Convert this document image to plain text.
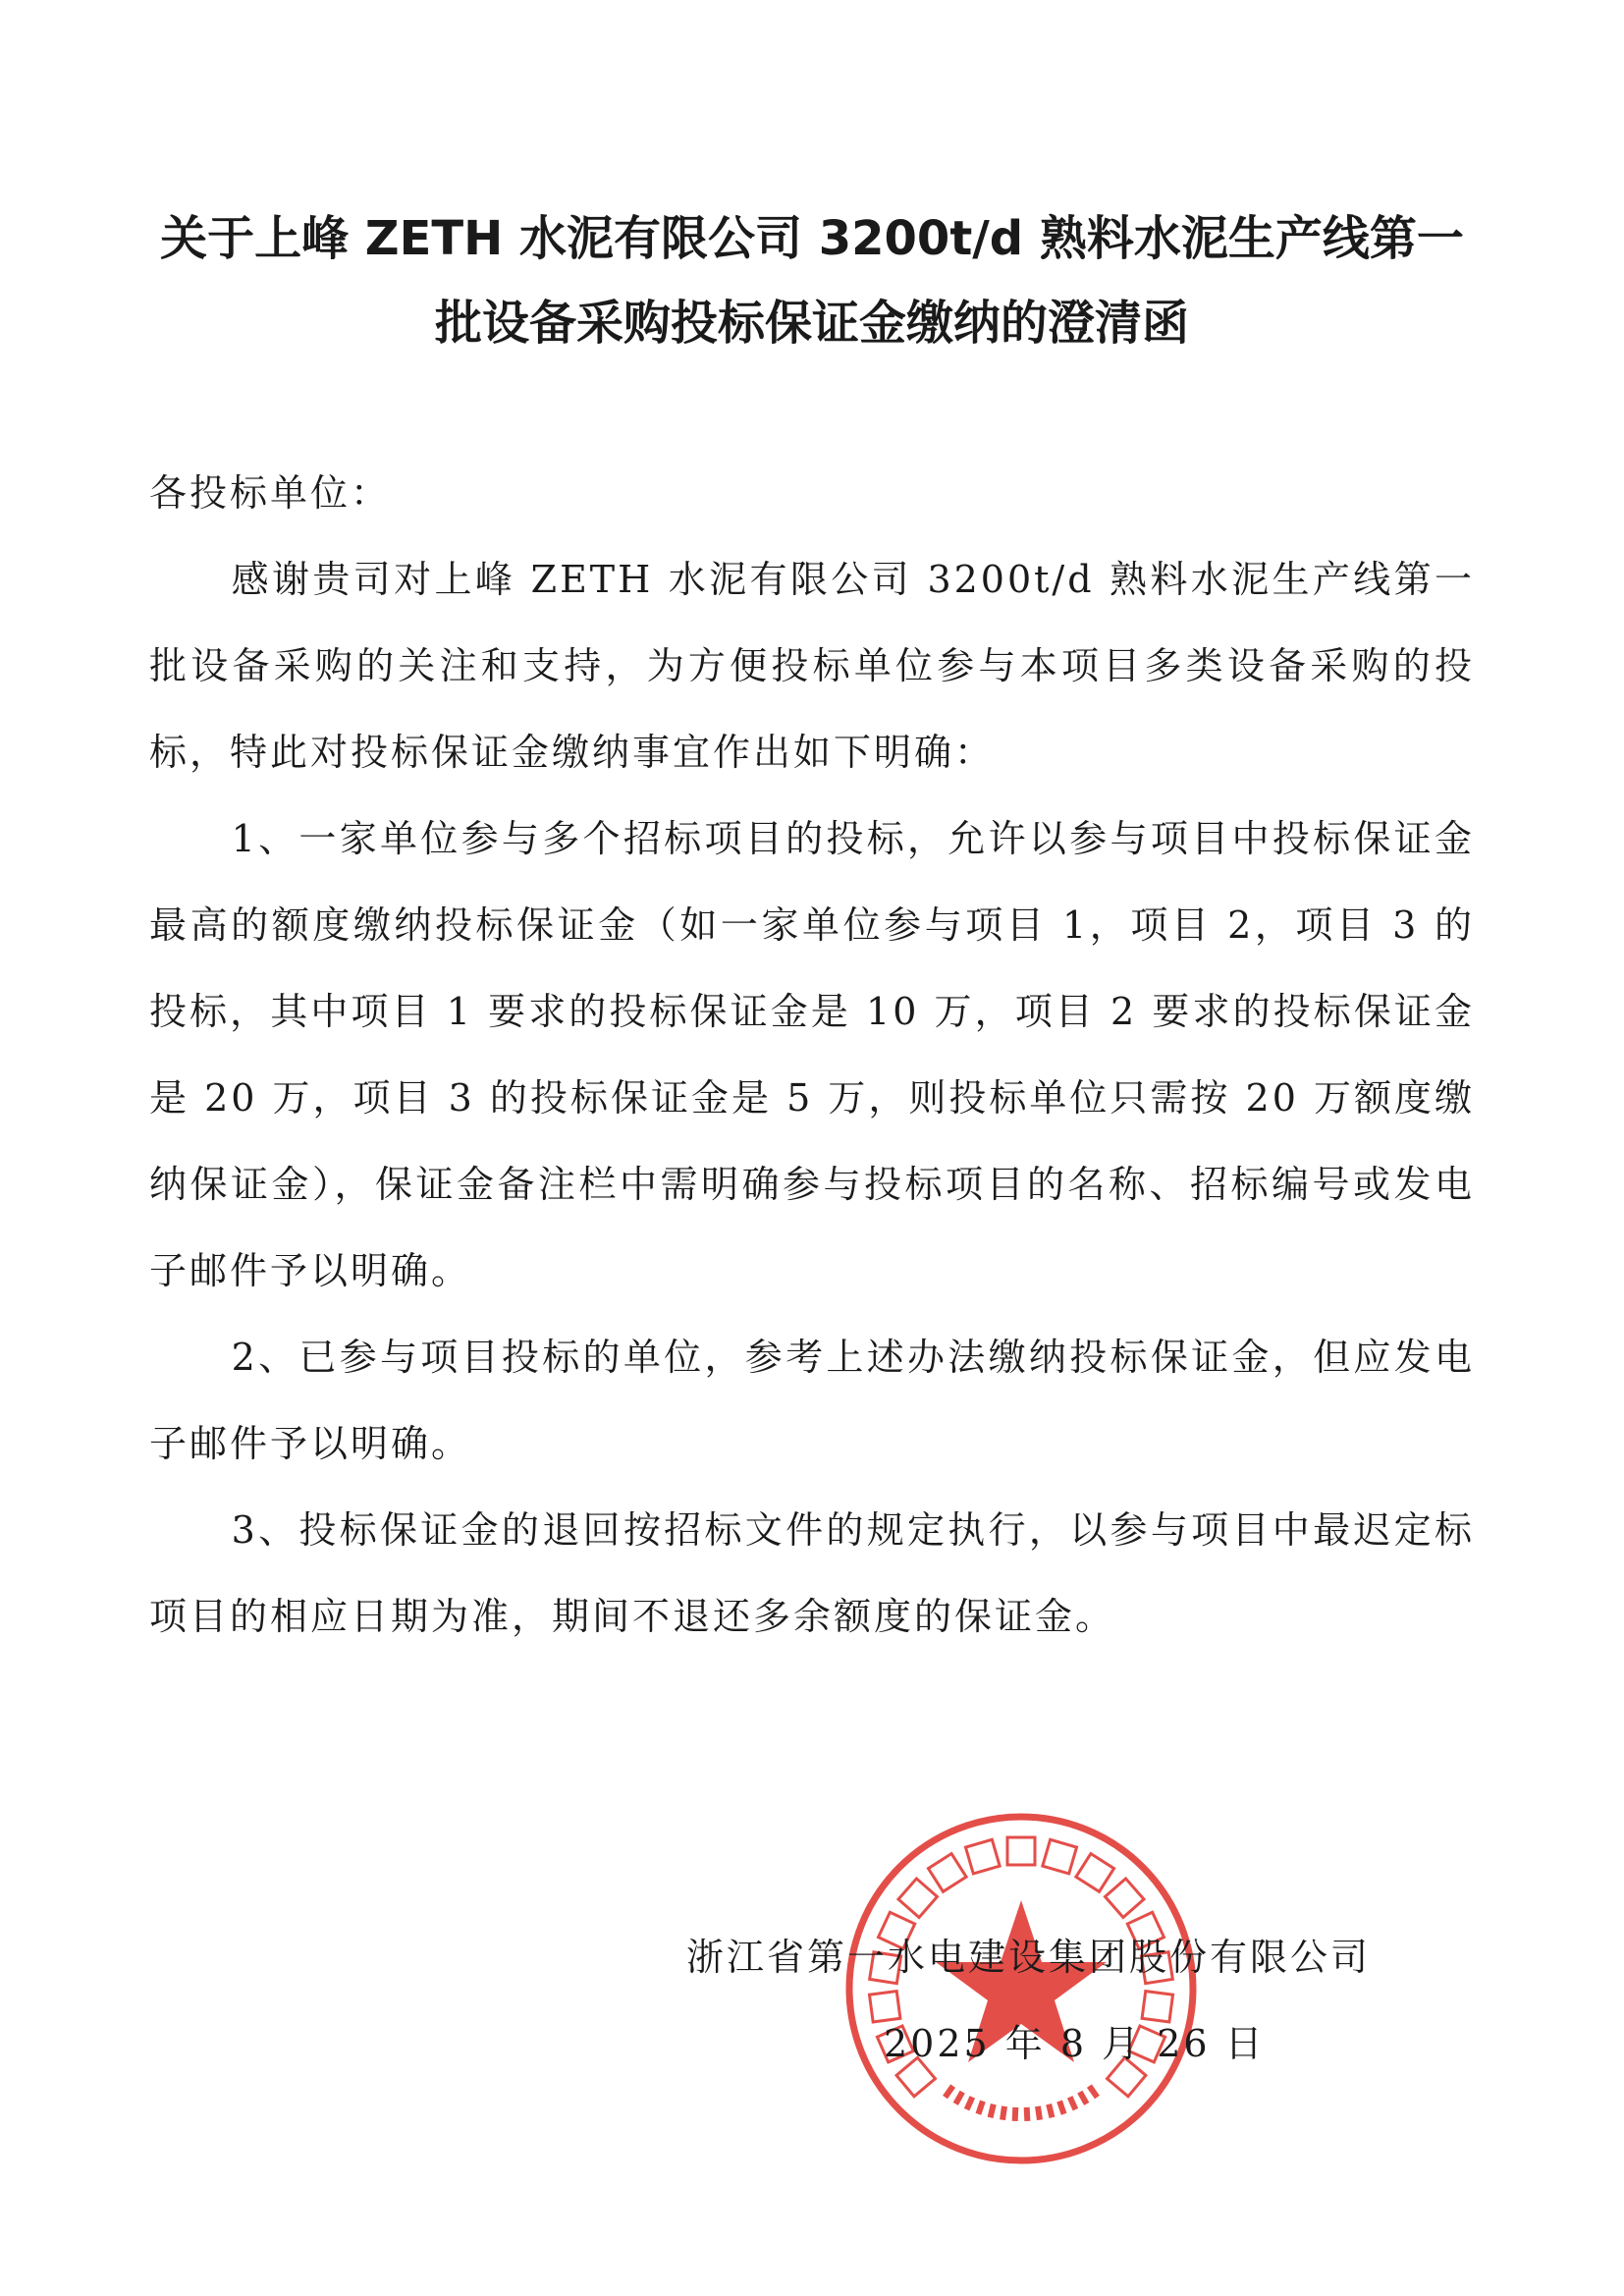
关于上峰 ZETH 水泥有限公司 3200t/d 熟料水泥生产线第一
批设备采购投标保证金缴纳的澄清函

各投标单位：

感谢贵司对上峰 ZETH 水泥有限公司 3200t/d 熟料水泥生产线第一批设备采购的关注和支持，为方便投标单位参与本项目多类设备采购的投标，特此对投标保证金缴纳事宜作出如下明确：

1、一家单位参与多个招标项目的投标，允许以参与项目中投标保证金最高的额度缴纳投标保证金（如一家单位参与项目 1，项目 2，项目 3 的投标，其中项目 1 要求的投标保证金是 10 万，项目 2 要求的投标保证金是 20 万，项目 3 的投标保证金是 5 万，则投标单位只需按 20 万额度缴纳保证金），保证金备注栏中需明确参与投标项目的名称、招标编号或发电子邮件予以明确。

2、已参与项目投标的单位，参考上述办法缴纳投标保证金，但应发电子邮件予以明确。

3、投标保证金的退回按招标文件的规定执行，以参与项目中最迟定标项目的相应日期为准，期间不退还多余额度的保证金。

浙江省第一水电建设集团股份有限公司
2025 年 8 月 26 日
